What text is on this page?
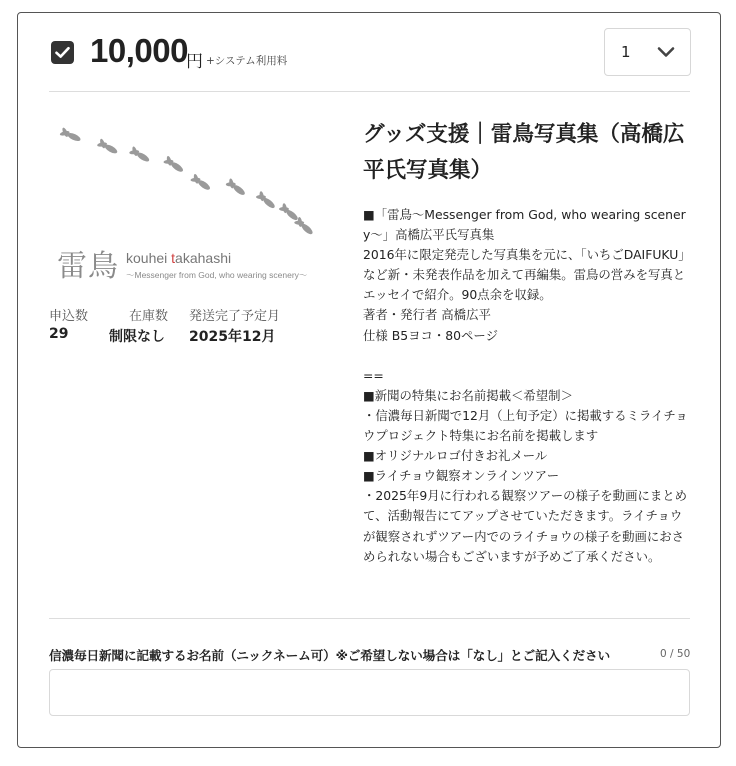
10,000
円 +システム利用料	1
雷鳥 kouhei takahashi
〜Messenger from God, who wearing scenery〜
申込数	在庫数 発送完了予定月
29	制限なし 2025年12月
グッズ支援｜雷鳥写真集（高橋広平氏写真集）
■「雷鳥〜Messenger from God, who wearing scenery〜」高橋広平氏写真集
2016年に限定発売した写真集を元に、「いちごDAIFUKU」など新・未発表作品を加えて再編集。雷鳥の営みを写真とエッセイで紹介。90点余を収録。
著者・発行者 高橋広平
仕様 B5ヨコ・80ページ
==
■新聞の特集にお名前掲載＜希望制＞
・信濃毎日新聞で12月（上旬予定）に掲載するミライチョウプロジェクト特集にお名前を掲載します
■オリジナルロゴ付きお礼メール
■ライチョウ観察オンラインツアー
・2025年9月に行われる観察ツアーの様子を動画にまとめて、活動報告にてアップさせていただきます。ライチョウが観察されずツアー内でのライチョウの様子を動画におさめられない場合もございますが予めご了承ください。
信濃毎日新聞に記載するお名前（ニックネーム可）※ご希望しない場合は「なし」とご記入ください	0 / 50
